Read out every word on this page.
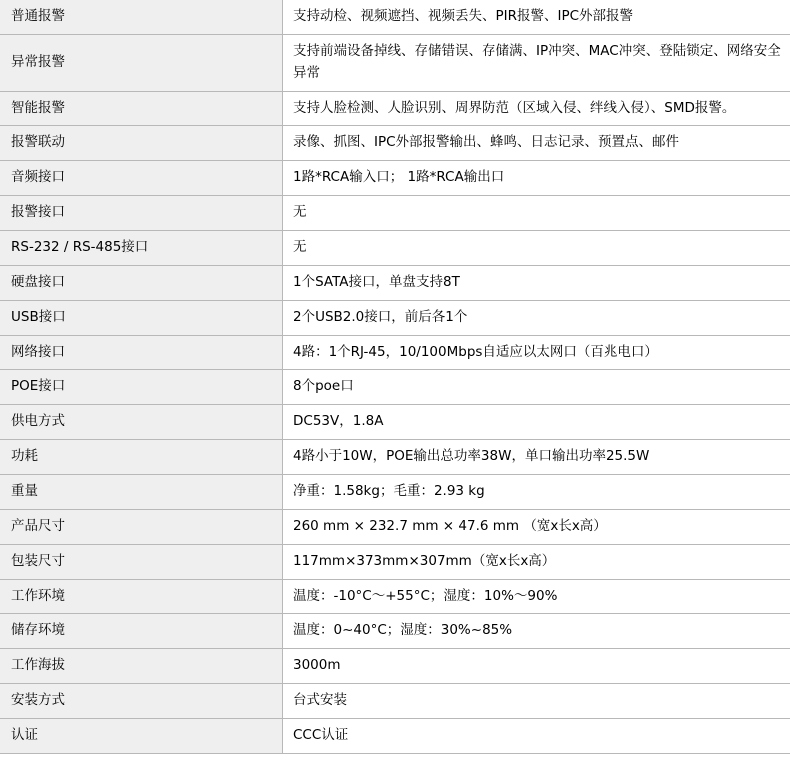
普通报警	支持动检、视频遮挡、视频丢失、PIR报警、IPC外部报警
异常报警	支持前端设备掉线、存储错误、存储满、IP冲突、MAC冲突、登陆锁定、网络安全异常
智能报警	支持人脸检测、人脸识别、周界防范（区域入侵、绊线入侵）、SMD报警。
报警联动	录像、抓图、IPC外部报警输出、蜂鸣、日志记录、预置点、邮件
音频接口	1路*RCA输入口； 1路*RCA输出口
报警接口	无
RS-232 / RS-485接口	无
硬盘接口	1个SATA接口，单盘支持8T
USB接口	2个USB2.0接口，前后各1个
网络接口	4路：1个RJ-45，10/100Mbps自适应以太网口（百兆电口）
POE接口	8个poe口
供电方式	DC53V，1.8A
功耗	4路小于10W，POE输出总功率38W，单口输出功率25.5W
重量	净重：1.58kg；毛重：2.93 kg
产品尺寸	260 mm × 232.7 mm × 47.6 mm （宽x长x高）
包装尺寸	117mm×373mm×307mm（宽x长x高）
工作环境	温度：-10°C～+55°C；湿度：10%～90%
储存环境	温度：0~40°C；湿度：30%~85%
工作海拔	3000m
安装方式	台式安装
认证	CCC认证
